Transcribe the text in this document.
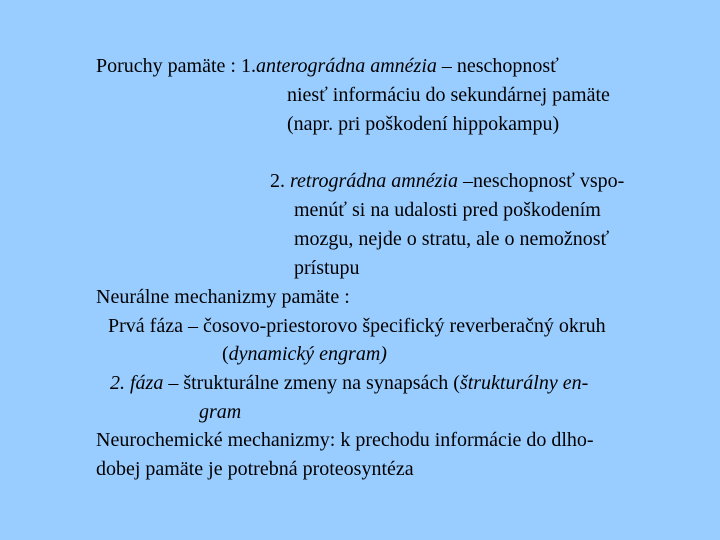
Poruchy pamäte : 1.anterográdna amnézia – neschopnosť
niesť informáciu do sekundárnej pamäte
(napr. pri poškodení hippokampu)
2. retrográdna amnézia –neschopnosť vspo-
menúť si na udalosti pred poškodením
mozgu, nejde o stratu, ale o nemožnosť
prístupu
Neurálne mechanizmy pamäte :
Prvá fáza – čosovo-priestorovo špecifický reverberačný okruh
(dynamický engram)
2. fáza – štrukturálne zmeny na synapsách (štrukturálny en-
gram
Neurochemické mechanizmy: k prechodu informácie do dlho-
dobej pamäte je potrebná proteosyntéza
